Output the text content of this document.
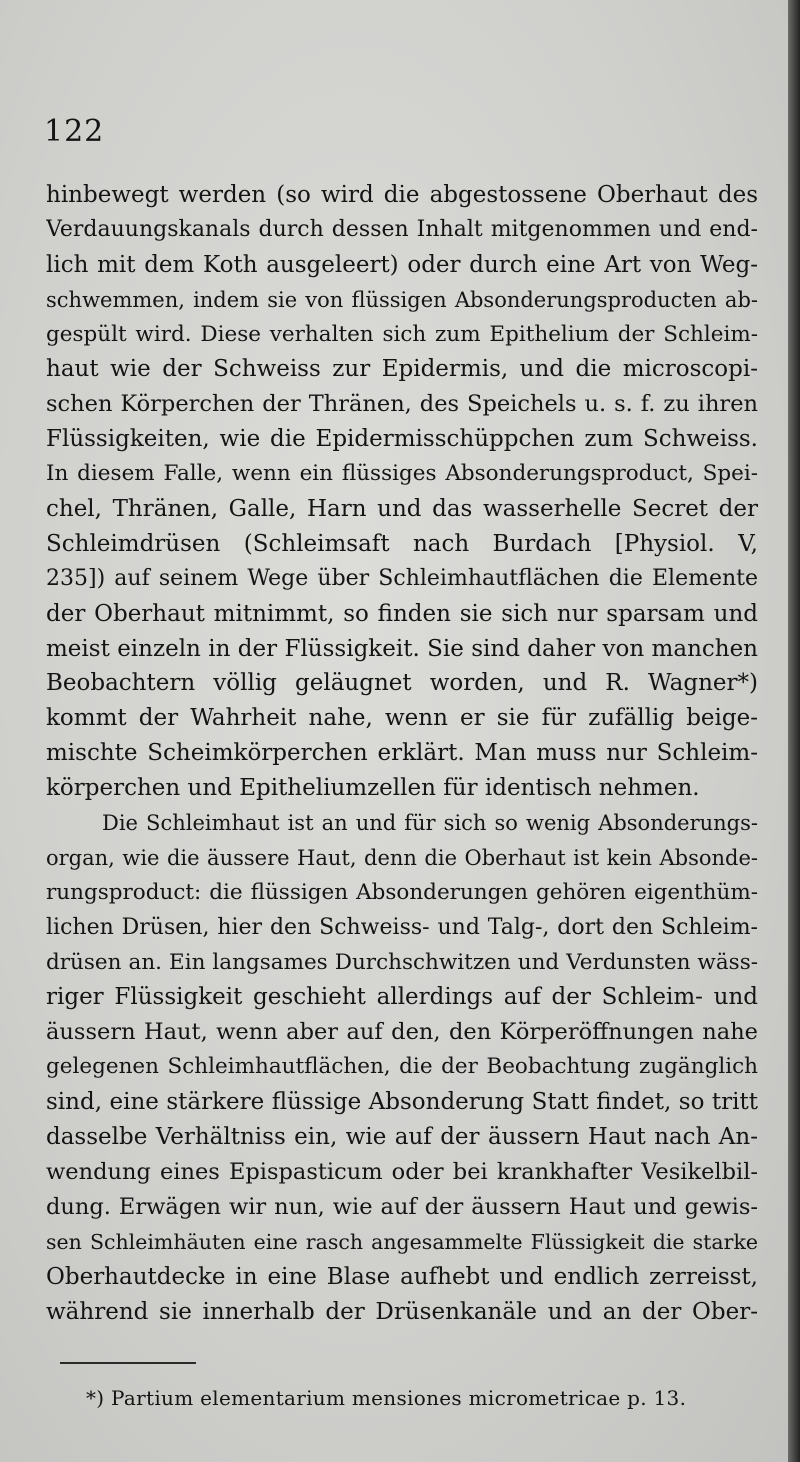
122
hinbewegt werden (so wird die abgestossene Oberhaut des
Verdauungskanals durch dessen Inhalt mitgenommen und end-
lich mit dem Koth ausgeleert) oder durch eine Art von Weg-
schwemmen, indem sie von flüssigen Absonderungsproducten ab-
gespült wird. Diese verhalten sich zum Epithelium der Schleim-
haut wie der Schweiss zur Epidermis, und die microscopi-
schen Körperchen der Thränen, des Speichels u. s. f. zu ihren
Flüssigkeiten, wie die Epidermisschüppchen zum Schweiss.
In diesem Falle, wenn ein flüssiges Absonderungsproduct, Spei-
chel, Thränen, Galle, Harn und das wasserhelle Secret der
Schleimdrüsen (Schleimsaft nach Burdach [Physiol. V,
235]) auf seinem Wege über Schleimhautflächen die Elemente
der Oberhaut mitnimmt, so finden sie sich nur sparsam und
meist einzeln in der Flüssigkeit. Sie sind daher von manchen
Beobachtern völlig geläugnet worden, und R. Wagner*)
kommt der Wahrheit nahe, wenn er sie für zufällig beige-
mischte Scheimkörperchen erklärt. Man muss nur Schleim-
körperchen und Epitheliumzellen für identisch nehmen.
Die Schleimhaut ist an und für sich so wenig Absonderungs-
organ, wie die äussere Haut, denn die Oberhaut ist kein Absonde-
rungsproduct: die flüssigen Absonderungen gehören eigenthüm-
lichen Drüsen, hier den Schweiss- und Talg-, dort den Schleim-
drüsen an. Ein langsames Durchschwitzen und Verdunsten wäss-
riger Flüssigkeit geschieht allerdings auf der Schleim- und
äussern Haut, wenn aber auf den, den Körperöffnungen nahe
gelegenen Schleimhautflächen, die der Beobachtung zugänglich
sind, eine stärkere flüssige Absonderung Statt findet, so tritt
dasselbe Verhältniss ein, wie auf der äussern Haut nach An-
wendung eines Epispasticum oder bei krankhafter Vesikelbil-
dung. Erwägen wir nun, wie auf der äussern Haut und gewis-
sen Schleimhäuten eine rasch angesammelte Flüssigkeit die starke
Oberhautdecke in eine Blase aufhebt und endlich zerreisst,
während sie innerhalb der Drüsenkanäle und an der Ober-
*) Partium elementarium mensiones micrometricae p. 13.
